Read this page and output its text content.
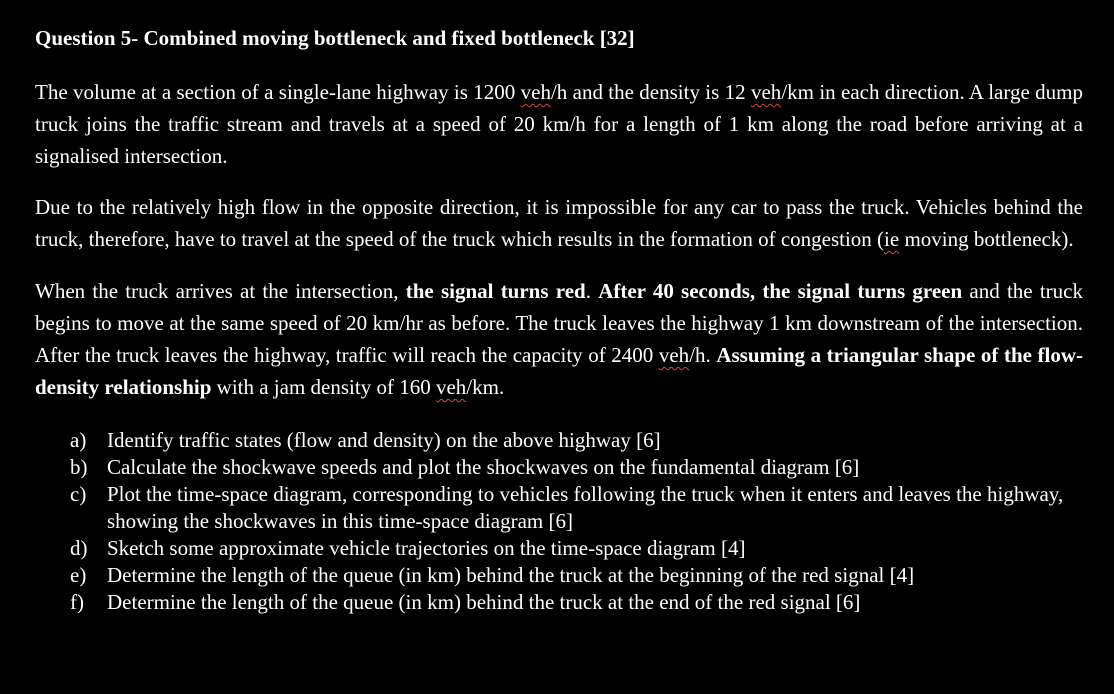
Question 5- Combined moving bottleneck and fixed bottleneck [32]

The volume at a section of a single-lane highway is 1200 veh/h and the density is 12 veh/km in each direction. A large dump truck joins the traffic stream and travels at a speed of 20 km/h for a length of 1 km along the road before arriving at a signalised intersection.

Due to the relatively high flow in the opposite direction, it is impossible for any car to pass the truck. Vehicles behind the truck, therefore, have to travel at the speed of the truck which results in the formation of congestion (ie moving bottleneck).

When the truck arrives at the intersection, the signal turns red. After 40 seconds, the signal turns green and the truck begins to move at the same speed of 20 km/hr as before. The truck leaves the highway 1 km downstream of the intersection. After the truck leaves the highway, traffic will reach the capacity of 2400 veh/h. Assuming a triangular shape of the flow-density relationship with a jam density of 160 veh/km.

a) Identify traffic states (flow and density) on the above highway [6]
b) Calculate the shockwave speeds and plot the shockwaves on the fundamental diagram [6]
c) Plot the time-space diagram, corresponding to vehicles following the truck when it enters and leaves the highway, showing the shockwaves in this time-space diagram [6]
d) Sketch some approximate vehicle trajectories on the time-space diagram [4]
e) Determine the length of the queue (in km) behind the truck at the beginning of the red signal [4]
f) Determine the length of the queue (in km) behind the truck at the end of the red signal [6]
